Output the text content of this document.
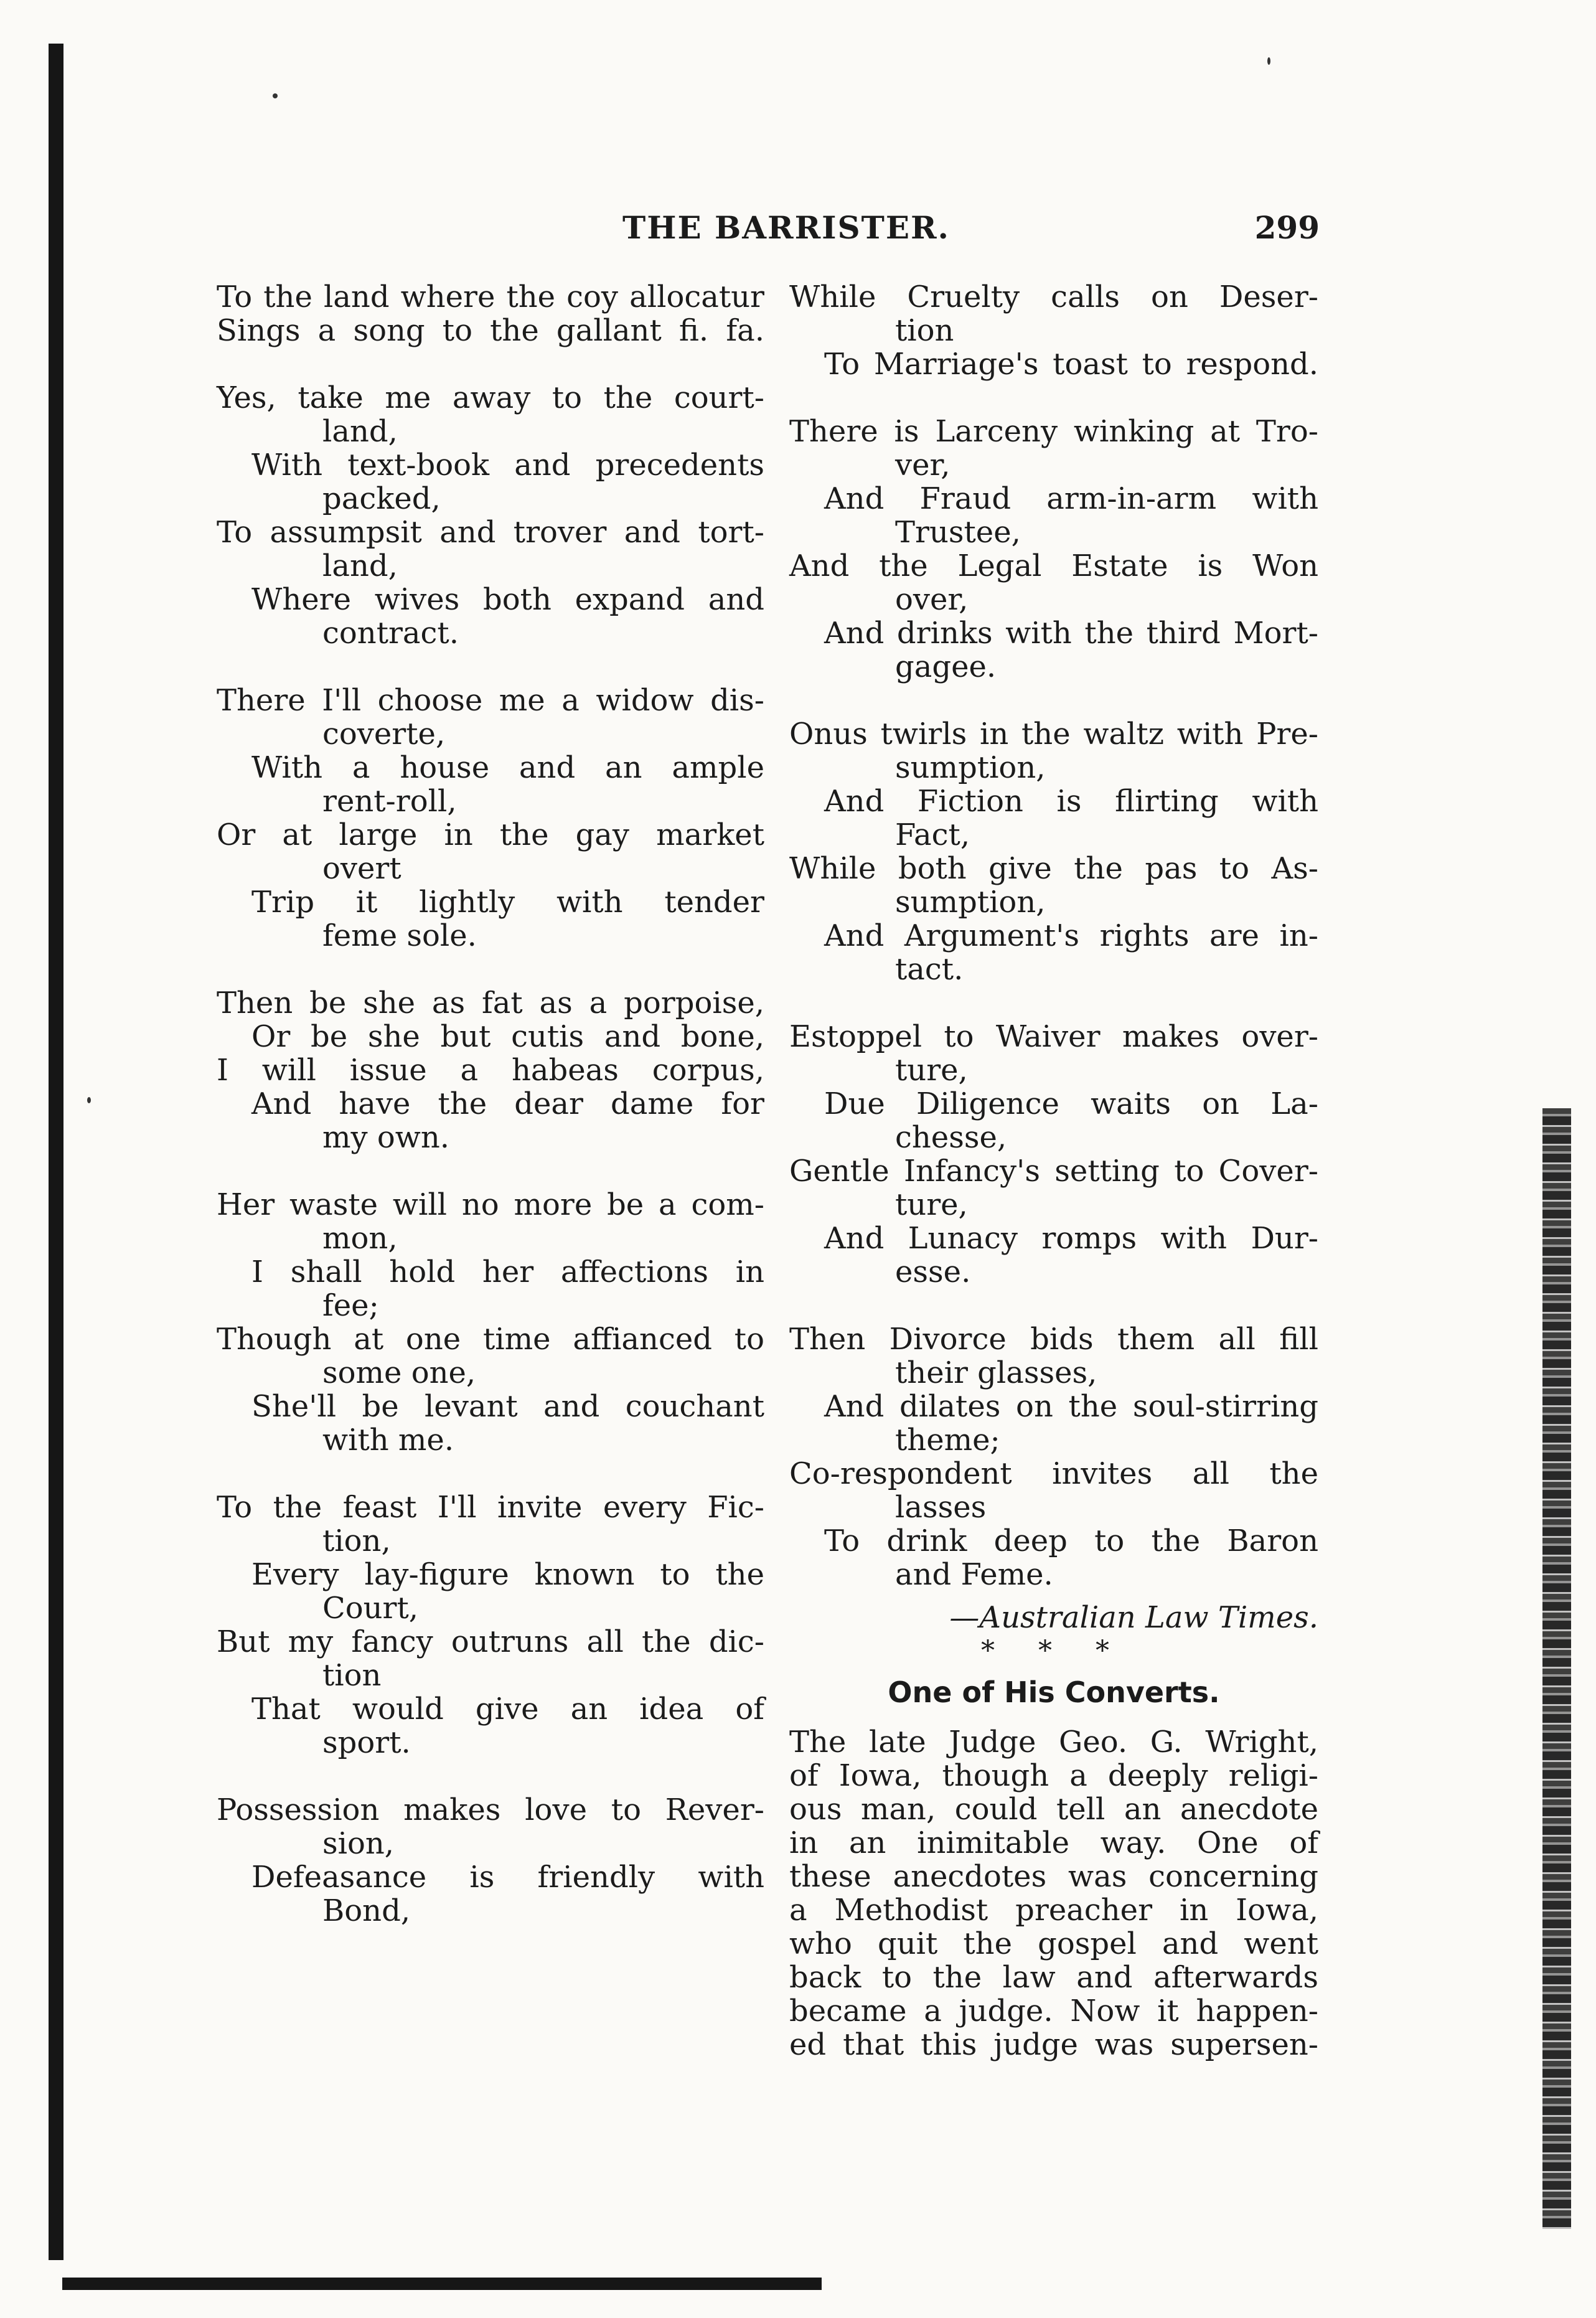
THE BARRISTER.	299
To the land where the coy allocatur
Sings a song to the gallant fi. fa.
Yes, take me away to the court-
land,
With text-book and precedents
packed,
To assumpsit and trover and tort-
land,
Where wives both expand and
contract.
There I'll choose me a widow dis-
coverte,
With a house and an ample
rent-roll,
Or at large in the gay market
overt
Trip it lightly with tender
feme sole.
Then be she as fat as a porpoise,
Or be she but cutis and bone,
I will issue a habeas corpus,
And have the dear dame for
my own.
Her waste will no more be a com-
mon,
I shall hold her affections in
fee;
Though at one time affianced to
some one,
She'll be levant and couchant
with me.
To the feast I'll invite every Fic-
tion,
Every lay-figure known to the
Court,
But my fancy outruns all the dic-
tion
That would give an idea of
sport.
Possession makes love to Rever-
sion,
Defeasance is friendly with
Bond,
While Cruelty calls on Deser-
tion
To Marriage's toast to respond.
There is Larceny winking at Tro-
ver,
And Fraud arm-in-arm with
Trustee,
And the Legal Estate is Won
over,
And drinks with the third Mort-
gagee.
Onus twirls in the waltz with Pre-
sumption,
And Fiction is flirting with
Fact,
While both give the pas to As-
sumption,
And Argument's rights are in-
tact.
Estoppel to Waiver makes over-
ture,
Due Diligence waits on La-
chesse,
Gentle Infancy's setting to Cover-
ture,
And Lunacy romps with Dur-
esse.
Then Divorce bids them all fill
their glasses,
And dilates on the soul-stirring
theme;
Co-respondent invites all the
lasses
To drink deep to the Baron
and Feme.
—Australian Law Times.
* * *
One of His Converts.
The late Judge Geo. G. Wright,
of Iowa, though a deeply religi-
ous man, could tell an anecdote
in an inimitable way. One of
these anecdotes was concerning
a Methodist preacher in Iowa,
who quit the gospel and went
back to the law and afterwards
became a judge. Now it happen-
ed that this judge was supersen-
